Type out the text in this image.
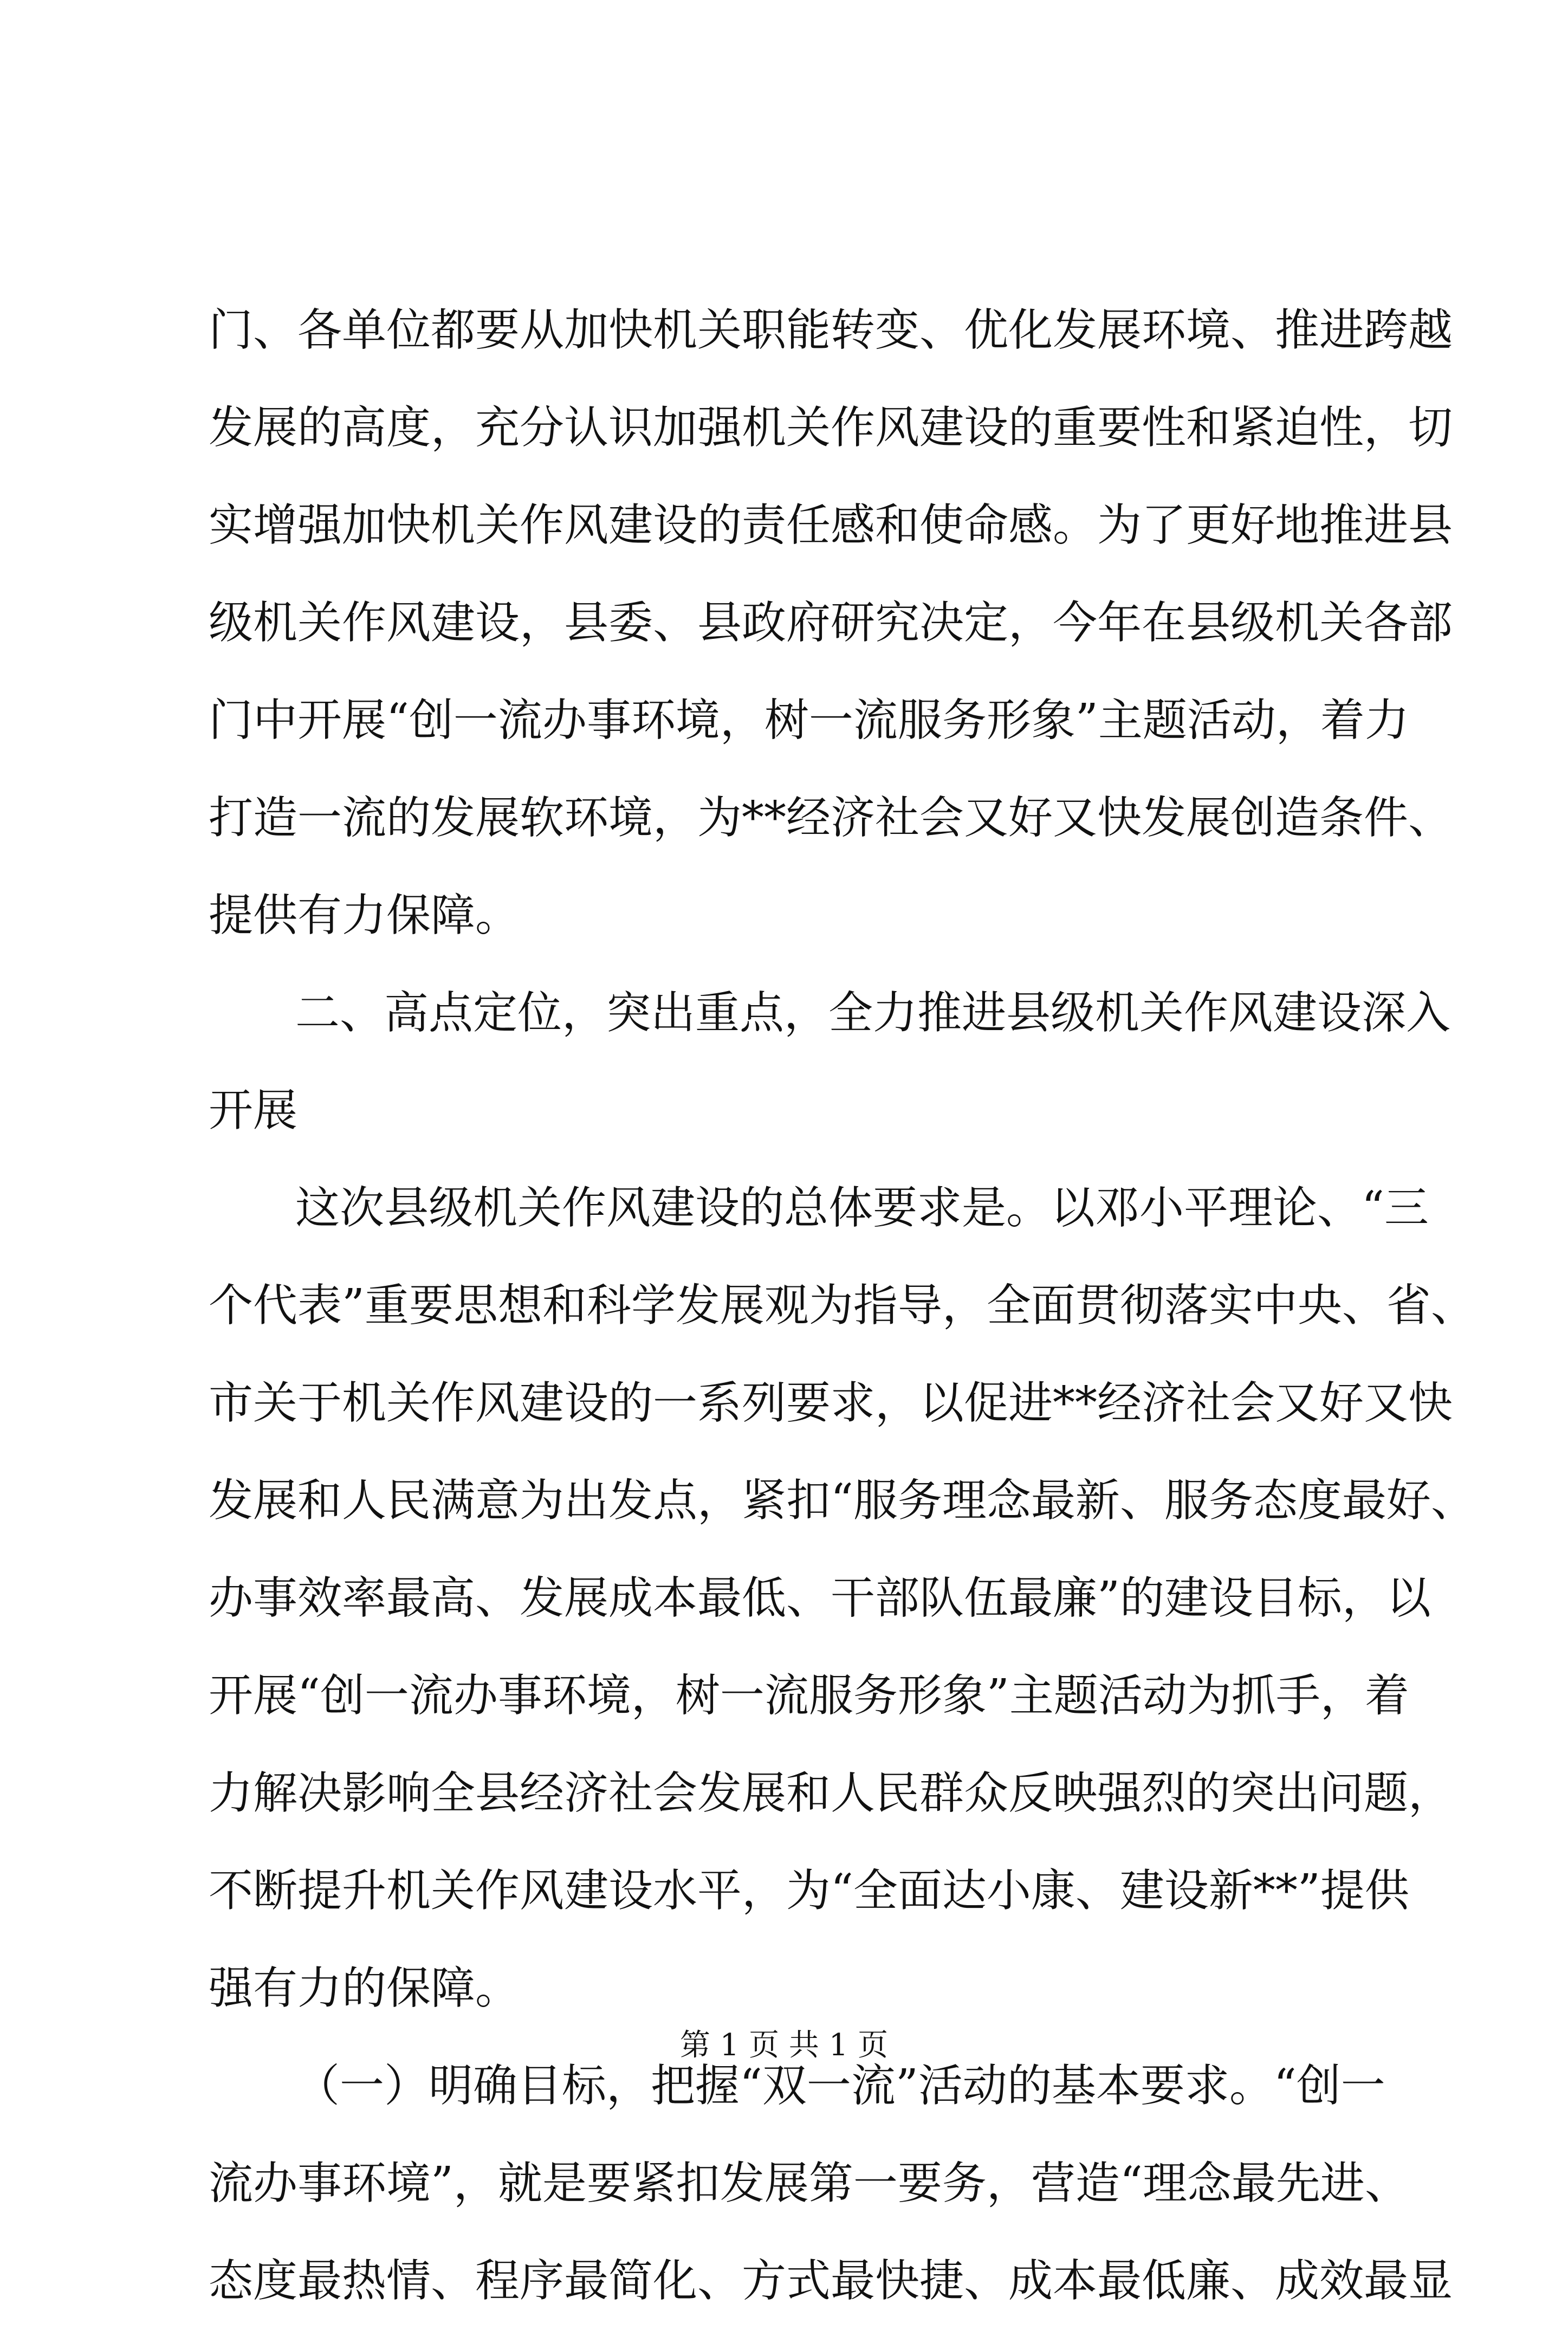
门、各单位都要从加快机关职能转变、优化发展环境、推进跨越
发展的高度，充分认识加强机关作风建设的重要性和紧迫性，切
实增强加快机关作风建设的责任感和使命感。为了更好地推进县
级机关作风建设，县委、县政府研究决定，今年在县级机关各部
门中开展“创一流办事环境，树一流服务形象”主题活动，着力
打造一流的发展软环境，为**经济社会又好又快发展创造条件、
提供有力保障。
二、高点定位，突出重点，全力推进县级机关作风建设深入
开展
这次县级机关作风建设的总体要求是。以邓小平理论、“三
个代表”重要思想和科学发展观为指导，全面贯彻落实中央、省、
市关于机关作风建设的一系列要求，以促进**经济社会又好又快
发展和人民满意为出发点，紧扣“服务理念最新、服务态度最好、
办事效率最高、发展成本最低、干部队伍最廉”的建设目标，以
开展“创一流办事环境，树一流服务形象”主题活动为抓手，着
力解决影响全县经济社会发展和人民群众反映强烈的突出问题，
不断提升机关作风建设水平，为“全面达小康、建设新**”提供
强有力的保障。
（一）明确目标，把握“双一流”活动的基本要求。“创一
流办事环境”，就是要紧扣发展第一要务，营造“理念最先进、
态度最热情、程序最简化、方式最快捷、成本最低廉、成效最显
第 1 页 共 1 页
